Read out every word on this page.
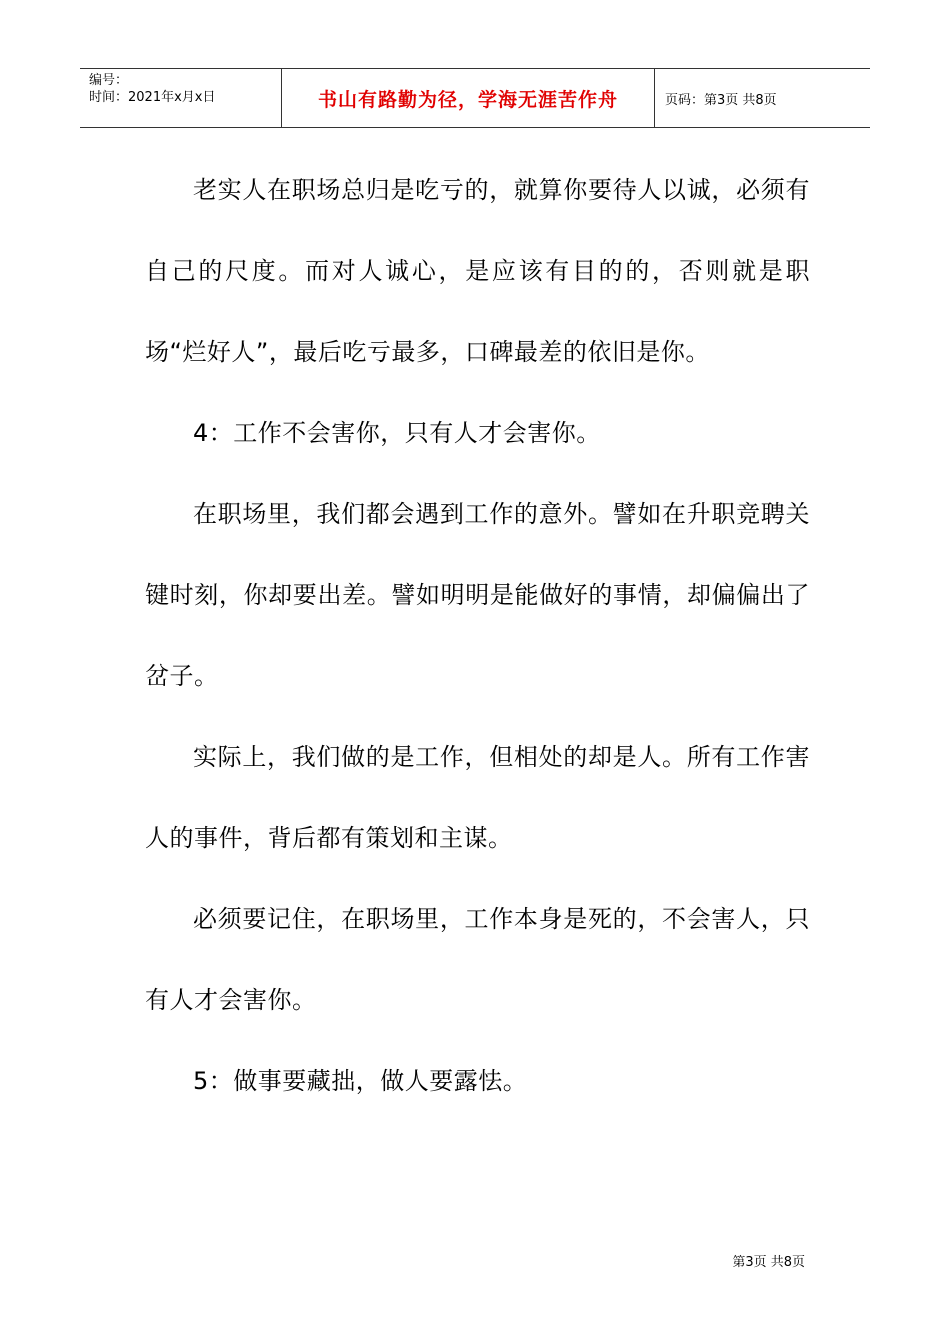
编号：
时间：2021年x月x日	书山有路勤为径，学海无涯苦作舟	页码：第3页 共8页

老实人在职场总归是吃亏的，就算你要待人以诚，必须有自己的尺度。而对人诚心，是应该有目的的，否则就是职场“烂好人”，最后吃亏最多，口碑最差的依旧是你。

4：工作不会害你，只有人才会害你。

在职场里，我们都会遇到工作的意外。譬如在升职竞聘关键时刻，你却要出差。譬如明明是能做好的事情，却偏偏出了岔子。

实际上，我们做的是工作，但相处的却是人。所有工作害人的事件，背后都有策划和主谋。

必须要记住，在职场里，工作本身是死的，不会害人，只有人才会害你。

5：做事要藏拙，做人要露怯。

第3页 共8页
